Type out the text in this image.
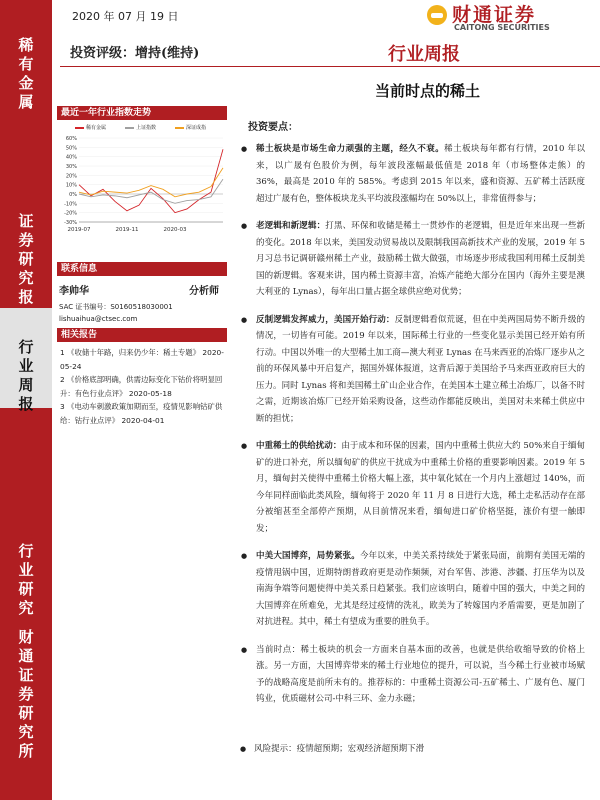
稀
有
金
属
证
券
研
究
报
行
业
周
报
行
业
研
究
财
通
证
券
研
究
所
2020 年 07 月 19 日	财通证券
CAITONG SECURITIES
投资评级：增持(维持)	行业周报
当前时点的稀土
最近一年行业指数走势
稀有金属	上证指数	深证成指
60%
50%
40%
30%
20%
10%
0%
-10%
-20%
-30%
2019-07	2019-11	2020-03
联系信息
李帅华	分析师
SAC 证书编号：S0160518030001
lishuaihua@ctsec.com
相关报告
1 《收储十年路，归来仍少年：稀土专题》 2020-05-24
2 《价格底部明确，供需边际变化下钴价将明显回升：有色行业点评》 2020-05-18
3 《电动车刺激政策加期而至，疫情见影响钴矿供给：钴行业点评》 2020-04-01
投资要点：
● 稀土板块是市场生命力顽强的主题，经久不衰。稀土板块每年都有行情，2010 年以来，以广晟有色股价为例，每年波段涨幅最低值是 2018 年（市场整体走熊）的 36%，最高是 2010 年的 585%。考虑到 2015 年以来，盛和资源、五矿稀土活跃度超过广晟有色，整体板块龙头平均波段涨幅均在 50%以上，非常值得参与；
● 老逻辑和新逻辑：打黑、环保和收储是稀土一贯炒作的老逻辑，但是近年来出现一些新的变化。2018 年以来，美国发动贸易战以及限制我国高新技术产业的发展，2019 年 5 月习总书记调研赣州稀土产业，鼓励稀土做大做强，市场逐步形成我国利用稀土反制美国的新逻辑。客观来讲，国内稀土资源丰富，冶炼产能绝大部分在国内（海外主要是澳大利亚的 Lynas），每年出口量占据全球供应绝对优势；
● 反制逻辑发挥威力，美国开始行动：反制逻辑看似荒诞，但在中美两国局势不断升级的情况，一切皆有可能。2019 年以来，国际稀土行业的一些变化显示美国已经开始有所行动。中国以外唯一的大型稀土加工商—澳大利亚 Lynas 在马来西亚的冶炼厂逐步从之前的环保风暴中开启复产，据国外媒体报道，这背后源于美国给予马来西亚政府巨大的压力。同时 Lynas 将和美国稀土矿山企业合作，在美国本土建立稀土冶炼厂，以备不时之需，近期该冶炼厂已经开始采购设备，这些动作都能反映出，美国对未来稀土供应中断的担忧；
● 中重稀土的供给扰动：由于成本和环保的因素，国内中重稀土供应大约 50%来自于缅甸矿的进口补充，所以缅甸矿的供应干扰成为中重稀土价格的重要影响因素。2019 年 5 月，缅甸封关使得中重稀土价格大幅上涨，其中氧化铽在一个月内上涨超过 140%，而今年同样面临此类风险，缅甸将于 2020 年 11 月 8 日进行大选，稀土走私活动存在部分被缩甚至全部停产预期，从目前情况来看，缅甸进口矿价格坚挺，涨价有望一触即发；
● 中美大国博弈，局势紧张。今年以来，中美关系持续处于紧张局面，前期有美国无端的疫情甩锅中国，近期特朗普政府更是动作频频，对台军售、涉港、涉疆、打压华为以及南海争端等问题使得中美关系日趋紧张。我们应该明白，随着中国的强大，中美之间的大国博弈在所难免，尤其是经过疫情的洗礼，欧美为了转嫁国内矛盾需要，更是加剧了对抗进程。其中，稀土有望成为重要的胜负手。
● 当前时点：稀土板块的机会一方面来自基本面的改善，也就是供给收缩导致的价格上涨。另一方面，大国博弈带来的稀土行业地位的提升，可以说，当今稀土行业被市场赋予的战略高度是前所未有的。推荐标的：中重稀土资源公司-五矿稀土、广晟有色、厦门钨业，优质磁材公司-中科三环、金力永磁；
● 风险提示：疫情超预期；宏观经济超预期下滑
